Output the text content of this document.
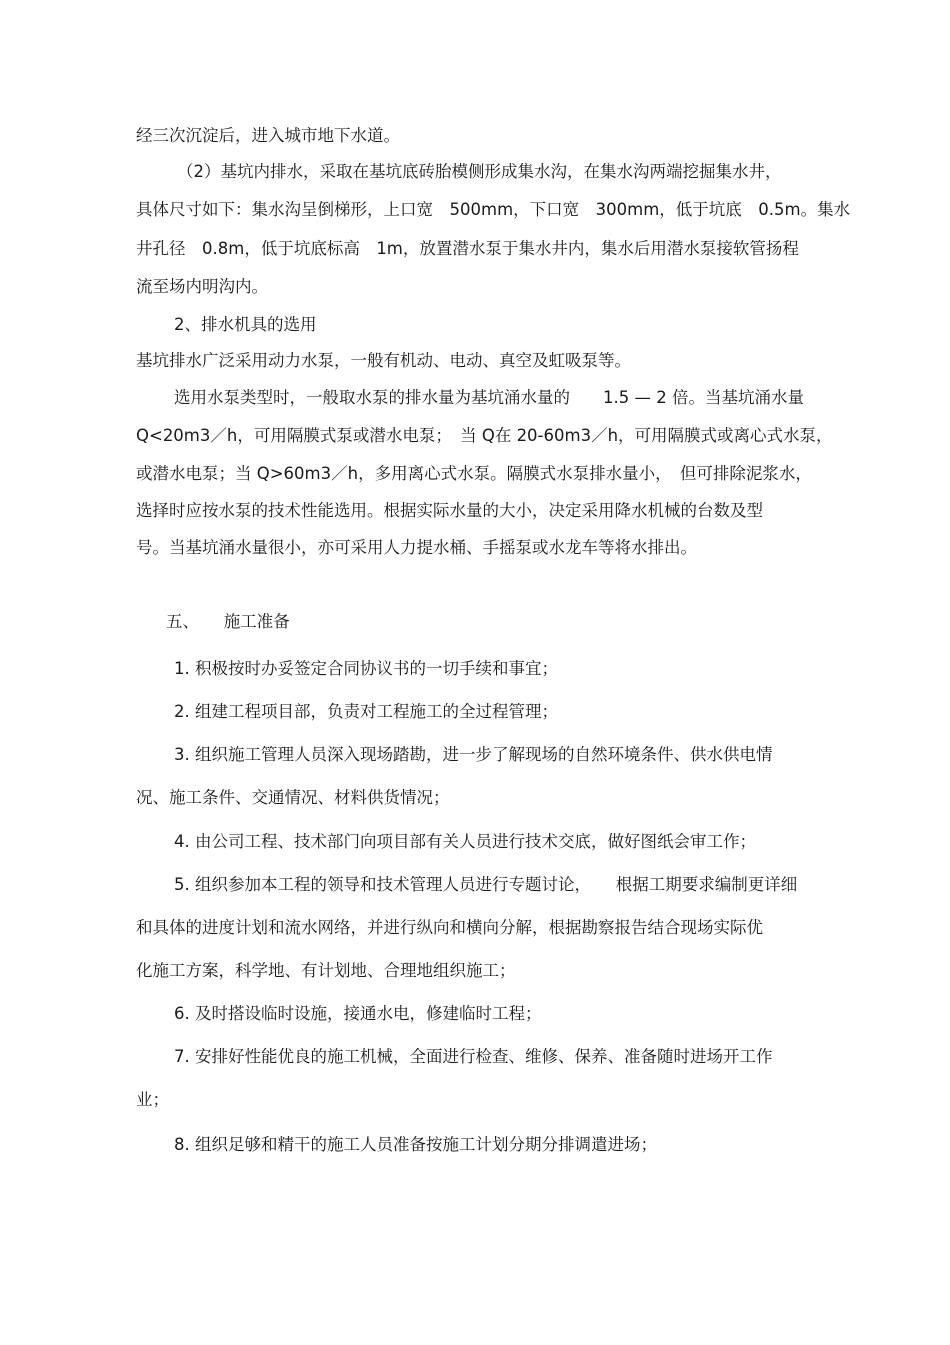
经三次沉淀后，进入城市地下水道。
（2）基坑内排水，采取在基坑底砖胎模侧形成集水沟，在集水沟两端挖掘集水井，
具体尺寸如下：集水沟呈倒梯形，上口宽　500mm，下口宽　300mm，低于坑底　0.5m。集水
井孔径　0.8m，低于坑底标高　1m，放置潜水泵于集水井内，集水后用潜水泵接软管扬程
流至场内明沟内。
2、排水机具的选用
基坑排水广泛采用动力水泵，一般有机动、电动、真空及虹吸泵等。
选用水泵类型时，一般取水泵的排水量为基坑涌水量的　　1.5 — 2 倍。当基坑涌水量
Q<20m3／h，可用隔膜式泵或潜水电泵；　当 Q在 20-60m3／h，可用隔膜式或离心式水泵，
或潜水电泵；当 Q>60m3／h，多用离心式水泵。隔膜式水泵排水量小，　但可排除泥浆水，
选择时应按水泵的技术性能选用。根据实际水量的大小，决定采用降水机械的台数及型
号。当基坑涌水量很小，亦可采用人力提水桶、手摇泵或水龙车等将水排出。
五、　　施工准备
1. 积极按时办妥签定合同协议书的一切手续和事宜；
2. 组建工程项目部，负责对工程施工的全过程管理；
3. 组织施工管理人员深入现场踏勘，进一步了解现场的自然环境条件、供水供电情
况、施工条件、交通情况、材料供货情况；
4. 由公司工程、技术部门向项目部有关人员进行技术交底，做好图纸会审工作；
5. 组织参加本工程的领导和技术管理人员进行专题讨论，　　根据工期要求编制更详细
和具体的进度计划和流水网络，并进行纵向和横向分解，根据勘察报告结合现场实际优
化施工方案，科学地、有计划地、合理地组织施工；
6. 及时搭设临时设施，接通水电，修建临时工程；
7. 安排好性能优良的施工机械，全面进行检查、维修、保养、准备随时进场开工作
业；
8. 组织足够和精干的施工人员准备按施工计划分期分排调遣进场；
